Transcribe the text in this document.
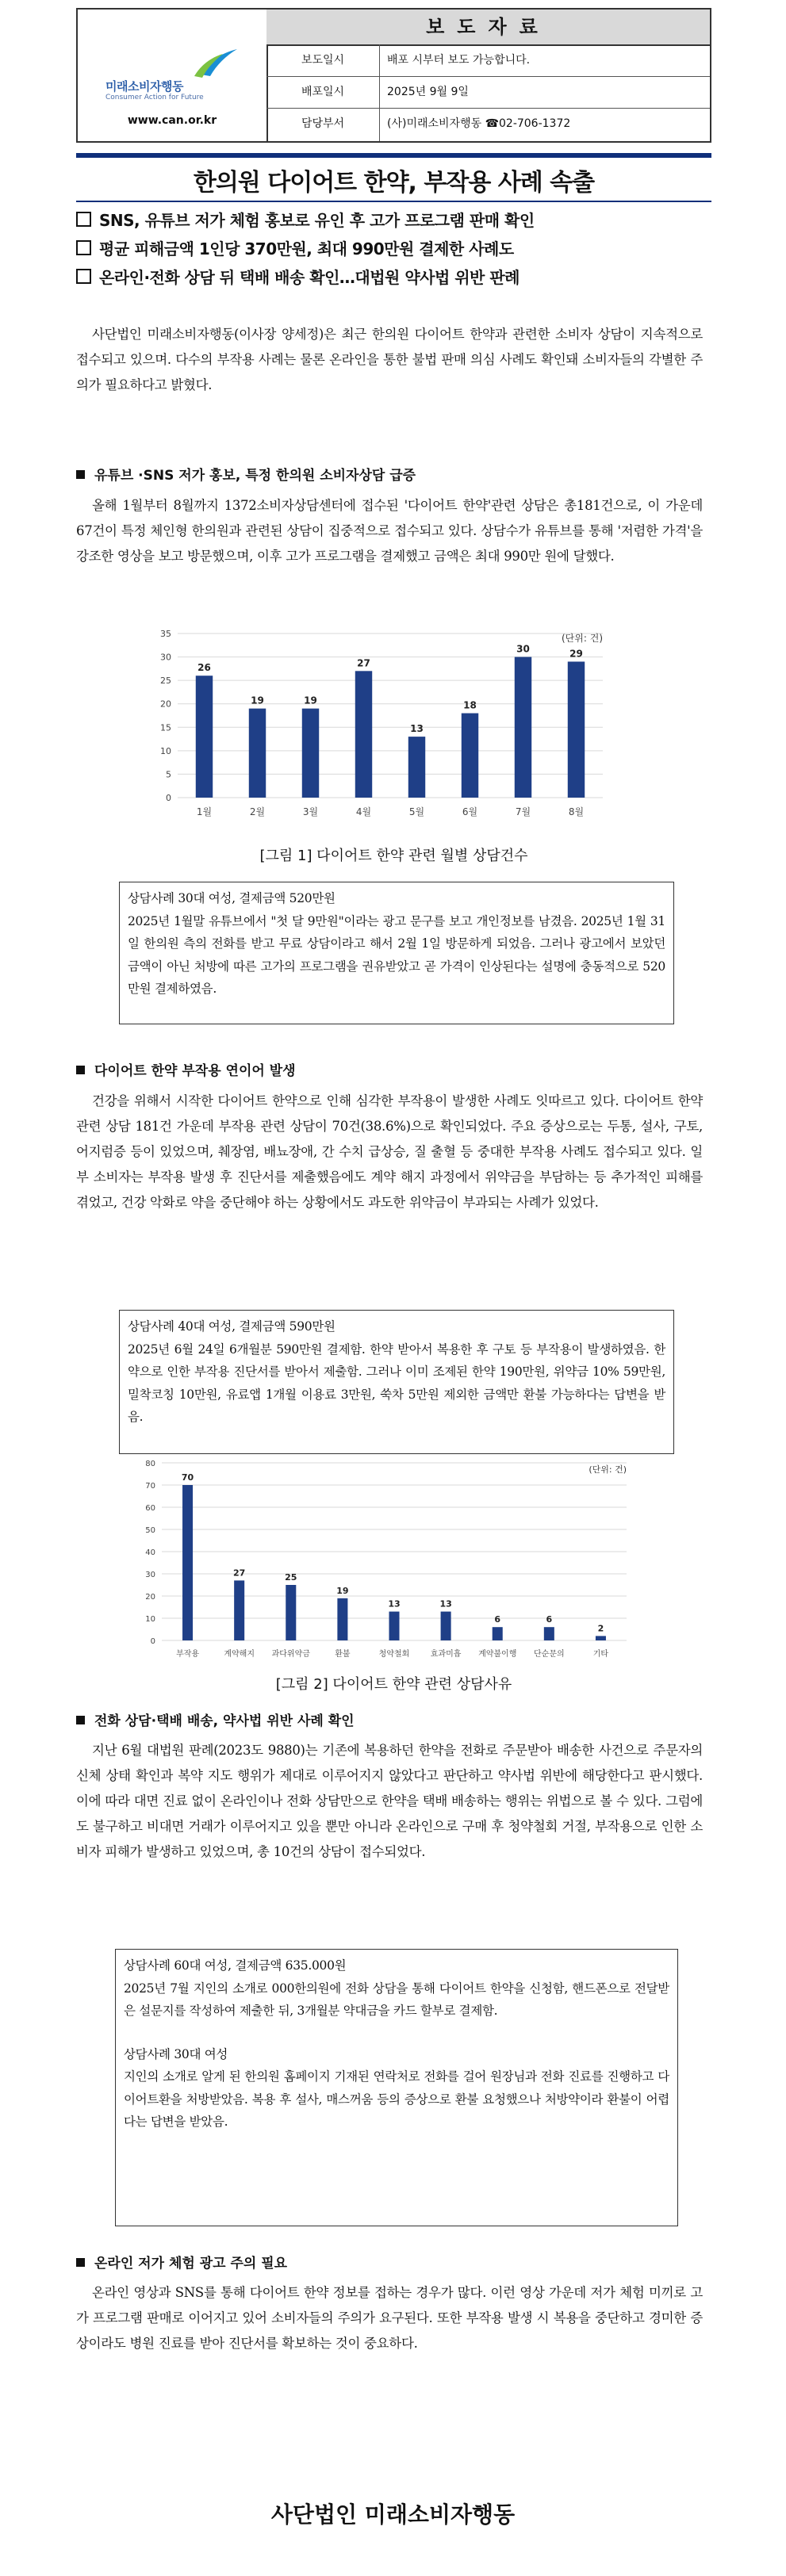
미래소비자행동
Consumer Action for Future
www.can.or.kr
보도자료
보도일시	배포 시부터 보도 가능합니다.
배포일시	2025년 9월 9일
담당부서	(사)미래소비자행동 ☎02-706-1372
한의원 다이어트 한약, 부작용 사례 속출
SNS, 유튜브 저가 체험 홍보로 유인 후 고가 프로그램 판매 확인
평균 피해금액 1인당 370만원, 최대 990만원 결제한 사례도
온라인·전화 상담 뒤 택배 배송 확인…대법원 약사법 위반 판례
사단법인 미래소비자행동(이사장 양세정)은 최근 한의원 다이어트 한약과 관련한 소비자 상담이 지속적으로 접수되고 있으며. 다수의 부작용 사례는 물론 온라인을 통한 불법 판매 의심 사례도 확인돼 소비자들의 각별한 주의가 필요하다고 밝혔다.
유튜브 ·SNS 저가 홍보, 특정 한의원 소비자상담 급증
올해 1월부터 8월까지 1372소비자상담센터에 접수된 '다이어트 한약'관련 상담은 총181건으로, 이 가운데 67건이 특정 체인형 한의원과 관련된 상담이 집중적으로 접수되고 있다. 상담수가 유튜브를 통해 '저렴한 가격'을 강조한 영상을 보고 방문했으며, 이후 고가 프로그램을 결제했고 금액은 최대 990만 원에 달했다.
0
5
10
15
20
25
30
35	(단위: 건)
26
1월
19
2월
19
3월
27
4월
13
5월
18
6월
30
7월
29
8월
[그림 1] 다이어트 한약 관련 월별 상담건수
상담사례 30대 여성, 결제금액 520만원
2025년 1월말 유튜브에서 "첫 달 9만원"이라는 광고 문구를 보고 개인정보를 남겼음. 2025년 1월 31일 한의원 측의 전화를 받고 무료 상담이라고 해서 2월 1일 방문하게 되었음. 그러나 광고에서 보았던 금액이 아닌 처방에 따른 고가의 프로그램을 권유받았고 곧 가격이 인상된다는 설명에 충동적으로 520만원 결제하였음.
다이어트 한약 부작용 연이어 발생
건강을 위해서 시작한 다이어트 한약으로 인해 심각한 부작용이 발생한 사례도 잇따르고 있다. 다이어트 한약 관련 상담 181건 가운데 부작용 관련 상담이 70건(38.6%)으로 확인되었다. 주요 증상으로는 두통, 설사, 구토, 어지럼증 등이 있었으며, 췌장염, 배뇨장애, 간 수치 급상승, 질 출혈 등 중대한 부작용 사례도 접수되고 있다. 일부 소비자는 부작용 발생 후 진단서를 제출했음에도 계약 해지 과정에서 위약금을 부담하는 등 추가적인 피해를 겪었고, 건강 악화로 약을 중단해야 하는 상황에서도 과도한 위약금이 부과되는 사례가 있었다.
상담사례 40대 여성, 결제금액 590만원
2025년 6월 24일 6개월분 590만원 결제함. 한약 받아서 복용한 후 구토 등 부작용이 발생하였음. 한약으로 인한 부작용 진단서를 받아서 제출함. 그러나 이미 조제된 한약 190만원, 위약금 10% 59만원, 밀착코칭 10만원, 유료앱 1개월 이용료 3만원, 쑥차 5만원 제외한 금액만 환불 가능하다는 답변을 받음.
0
10
20
30
40
50
60
70
80
(단위: 건)
70
부작용
27
계약해지
25
과다위약금
19
환불
13
청약철회
13
효과미흡
6
계약불이행
6
단순문의
2
기타
[그림 2] 다이어트 한약 관련 상담사유
전화 상담·택배 배송, 약사법 위반 사례 확인
지난 6월 대법원 판례(2023도 9880)는 기존에 복용하던 한약을 전화로 주문받아 배송한 사건으로 주문자의 신체 상태 확인과 복약 지도 행위가 제대로 이루어지지 않았다고 판단하고 약사법 위반에 해당한다고 판시했다. 이에 따라 대면 진료 없이 온라인이나 전화 상담만으로 한약을 택배 배송하는 행위는 위법으로 볼 수 있다. 그럼에도 불구하고 비대면 거래가 이루어지고 있을 뿐만 아니라 온라인으로 구매 후 청약철회 거절, 부작용으로 인한 소비자 피해가 발생하고 있었으며, 총 10건의 상담이 접수되었다.
상담사례 60대 여성, 결제금액 635.000원
2025년 7월 지인의 소개로 000한의원에 전화 상담을 통해 다이어트 한약을 신청함, 핸드폰으로 전달받은 설문지를 작성하여 제출한 뒤, 3개월분 약대금을 카드 할부로 결제함.
상담사례 30대 여성
지인의 소개로 알게 된 한의원 홈페이지 기재된 연락처로 전화를 걸어 원장님과 전화 진료를 진행하고 다이어트환을 처방받았음. 복용 후 설사, 매스꺼움 등의 증상으로 환불 요청했으나 처방약이라 환불이 어렵다는 답변을 받았음.
온라인 저가 체험 광고 주의 필요
온라인 영상과 SNS를 통해 다이어트 한약 정보를 접하는 경우가 많다. 이런 영상 가운데 저가 체험 미끼로 고가 프로그램 판매로 이어지고 있어 소비자들의 주의가 요구된다. 또한 부작용 발생 시 복용을 중단하고 경미한 증상이라도 병원 진료를 받아 진단서를 확보하는 것이 중요하다.
사단법인 미래소비자행동
